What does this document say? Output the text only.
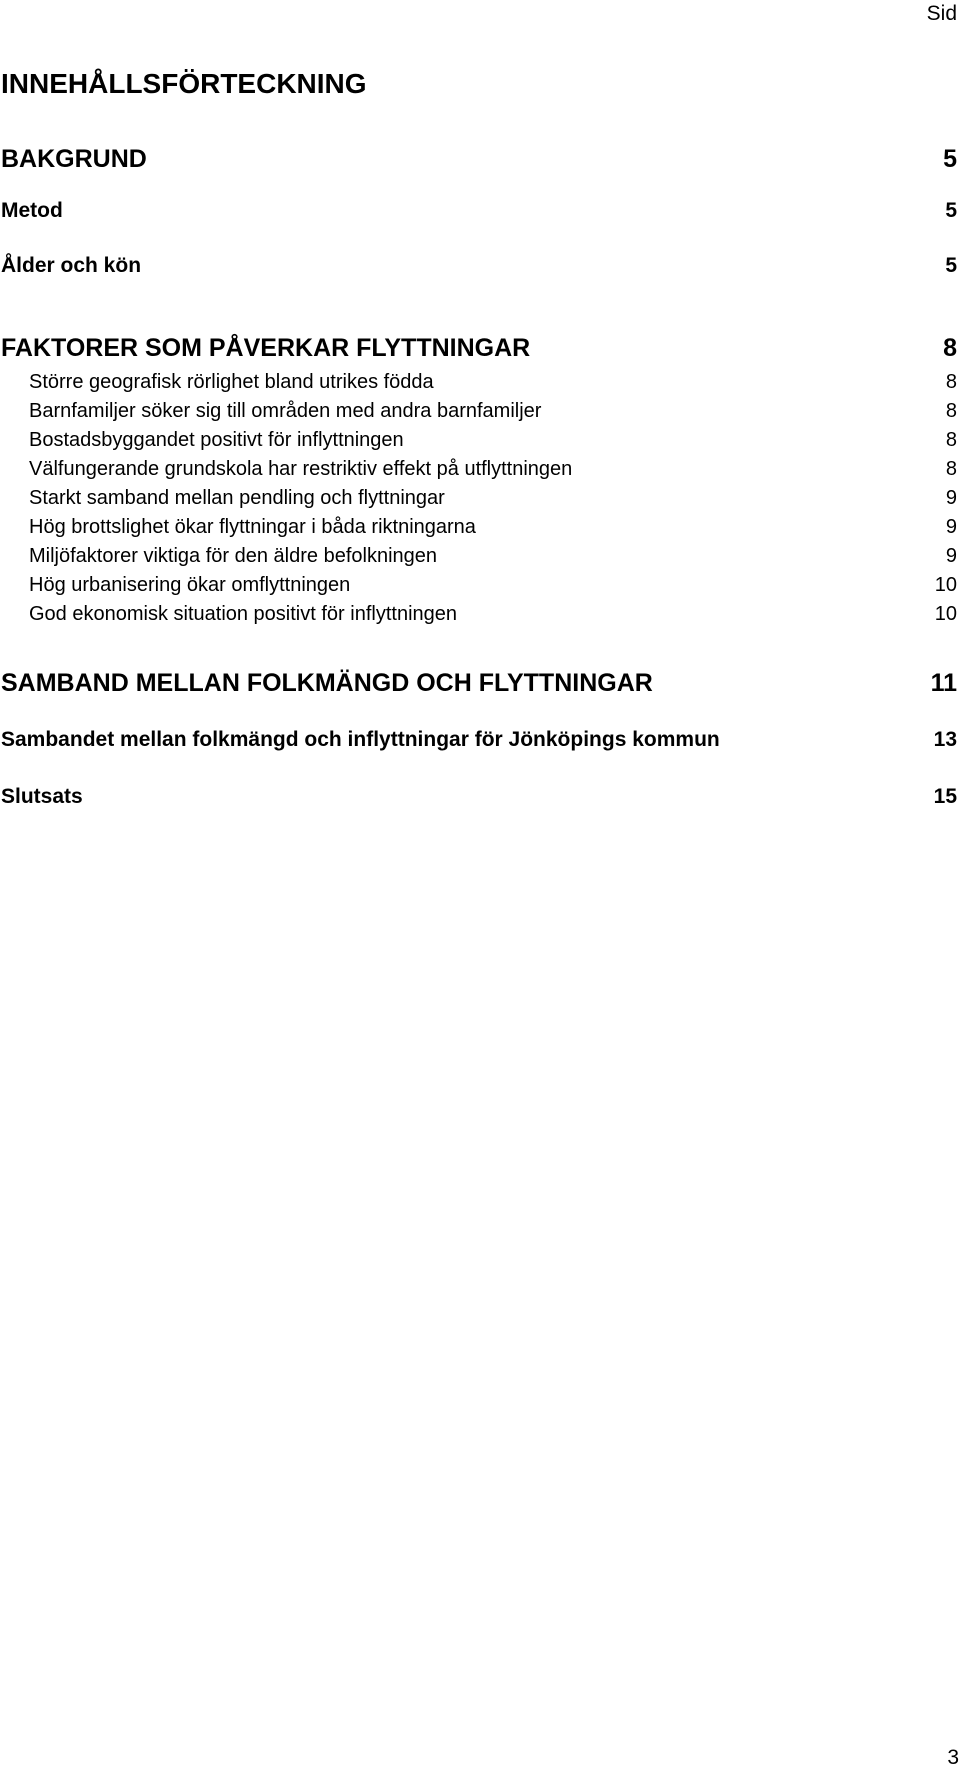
Sid
INNEHÅLLSFÖRTECKNING
BAKGRUND	5
Metod	5
Ålder och kön	5
FAKTORER SOM PÅVERKAR FLYTTNINGAR	8
Större geografisk rörlighet bland utrikes födda	8
Barnfamiljer söker sig till områden med andra barnfamiljer	8
Bostadsbyggandet positivt för inflyttningen	8
Välfungerande grundskola har restriktiv effekt på utflyttningen	8
Starkt samband mellan pendling och flyttningar	9
Hög brottslighet ökar flyttningar i båda riktningarna	9
Miljöfaktorer viktiga för den äldre befolkningen	9
Hög urbanisering ökar omflyttningen	10
God ekonomisk situation positivt för inflyttningen	10
SAMBAND MELLAN FOLKMÄNGD OCH FLYTTNINGAR	11
Sambandet mellan folkmängd och inflyttningar för Jönköpings kommun	13
Slutsats	15
3
